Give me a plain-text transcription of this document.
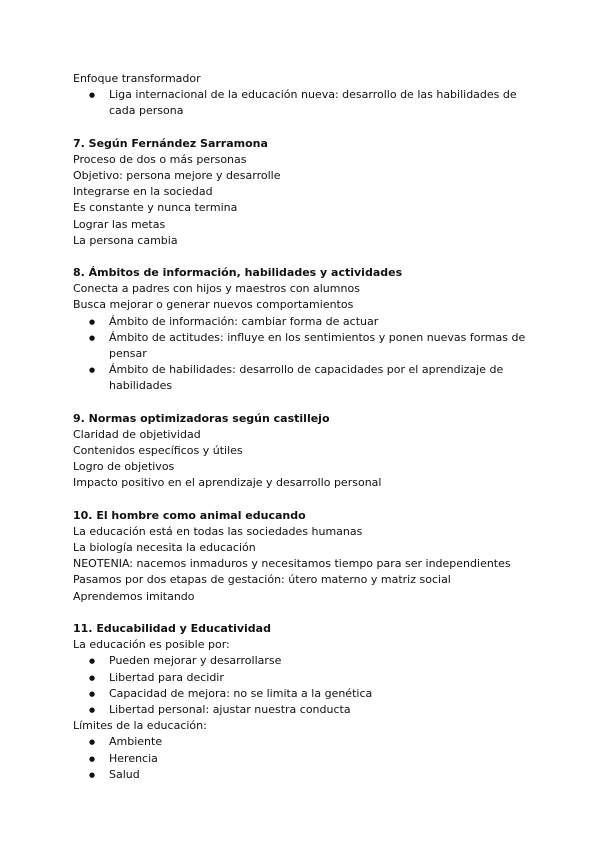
Enfoque transformador
● Liga internacional de la educación nueva: desarrollo de las habilidades de cada persona
7. Según Fernández Sarramona
Proceso de dos o más personas
Objetivo: persona mejore y desarrolle
Integrarse en la sociedad
Es constante y nunca termina
Lograr las metas
La persona cambia
8. Ámbitos de información, habilidades y actividades
Conecta a padres con hijos y maestros con alumnos
Busca mejorar o generar nuevos comportamientos
● Ámbito de información: cambiar forma de actuar
● Ámbito de actitudes: influye en los sentimientos y ponen nuevas formas de pensar
● Ámbito de habilidades: desarrollo de capacidades por el aprendizaje de habilidades
9. Normas optimizadoras según castillejo
Claridad de objetividad
Contenidos específicos y útiles
Logro de objetivos
Impacto positivo en el aprendizaje y desarrollo personal
10. El hombre como animal educando
La educación está en todas las sociedades humanas
La biología necesita la educación
NEOTENIA: nacemos inmaduros y necesitamos tiempo para ser independientes
Pasamos por dos etapas de gestación: útero materno y matriz social
Aprendemos imitando
11. Educabilidad y Educatividad
La educación es posible por:
● Pueden mejorar y desarrollarse
● Libertad para decidir
● Capacidad de mejora: no se limita a la genética
● Libertad personal: ajustar nuestra conducta
Límites de la educación:
● Ambiente
● Herencia
● Salud
